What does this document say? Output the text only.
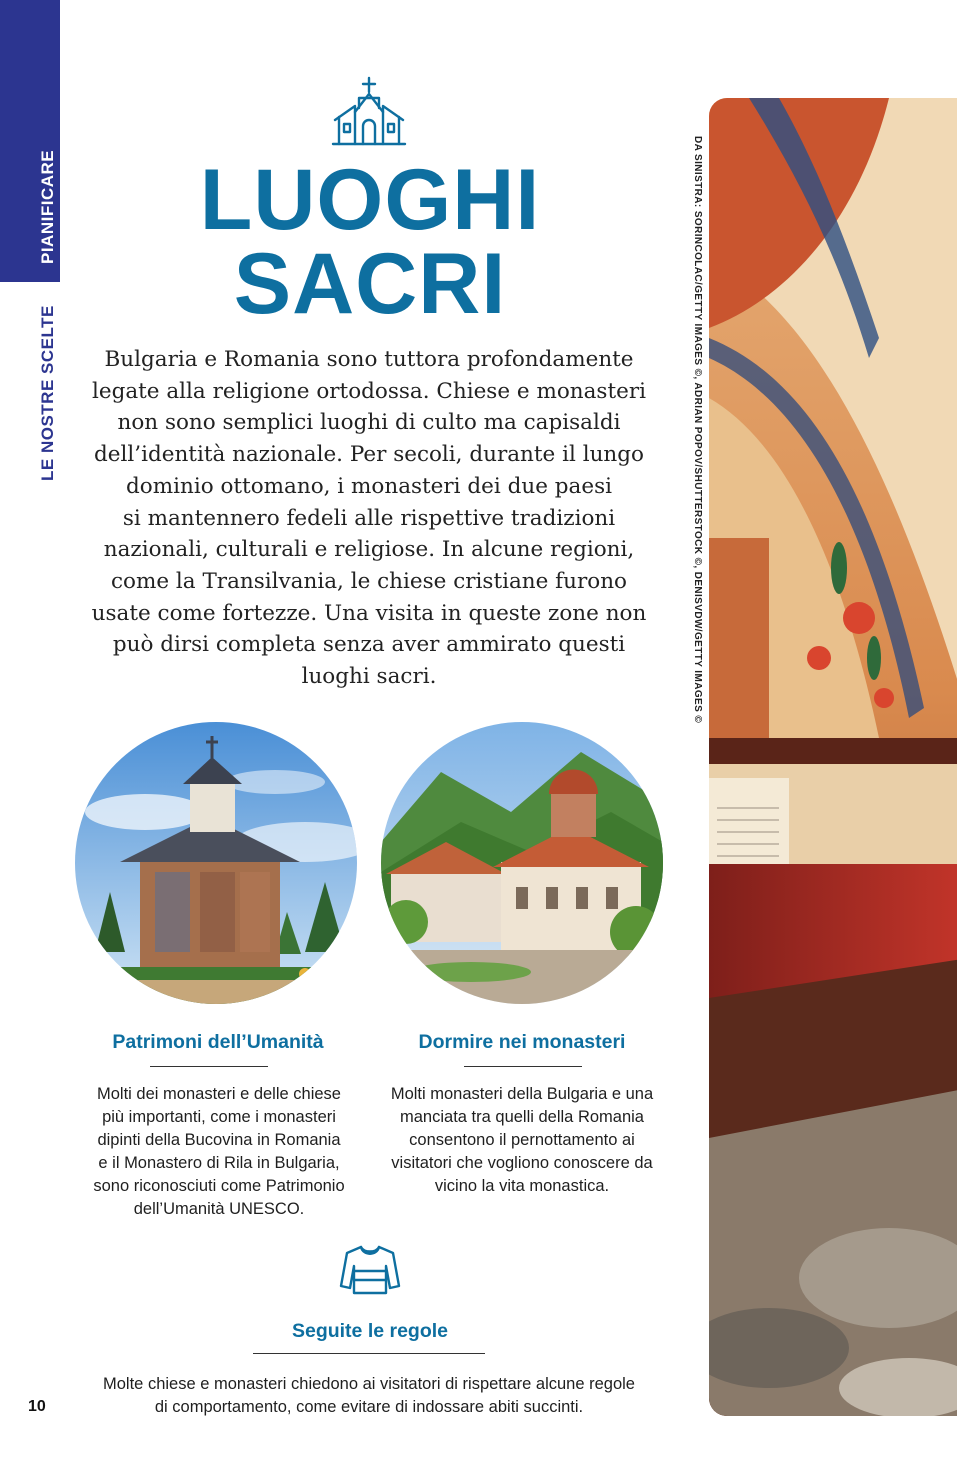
PIANIFICARE
LE NOSTRE SCELTE
10
LUOGHI
SACRI
Bulgaria e Romania sono tuttora profondamente
legate alla religione ortodossa. Chiese e monasteri
non sono semplici luoghi di culto ma capisaldi
dell’identità nazionale. Per secoli, durante il lungo
dominio ottomano, i monasteri dei due paesi
si mantennero fedeli alle rispettive tradizioni
nazionali, culturali e religiose. In alcune regioni,
come la Transilvania, le chiese cristiane furono
usate come fortezze. Una visita in queste zone non
può dirsi completa senza aver ammirato questi
luoghi sacri.
Patrimoni dell’Umanità
Molti dei monasteri e delle chiese
più importanti, come i monasteri
dipinti della Bucovina in Romania
e il Monastero di Rila in Bulgaria,
sono riconosciuti come Patrimonio
dell’Umanità UNESCO.
Dormire nei monasteri
Molti monasteri della Bulgaria e una
manciata tra quelli della Romania
consentono il pernottamento ai
visitatori che vogliono conoscere da
vicino la vita monastica.
Seguite le regole
Molte chiese e monasteri chiedono ai visitatori di rispettare alcune regole
di comportamento, come evitare di indossare abiti succinti.
DA SINISTRA: SORINCOLAC/GETTY IMAGES ©, ADRIAN POPOV/SHUTTERSTOCK ©, DENISVDW/GETTY IMAGES ©
